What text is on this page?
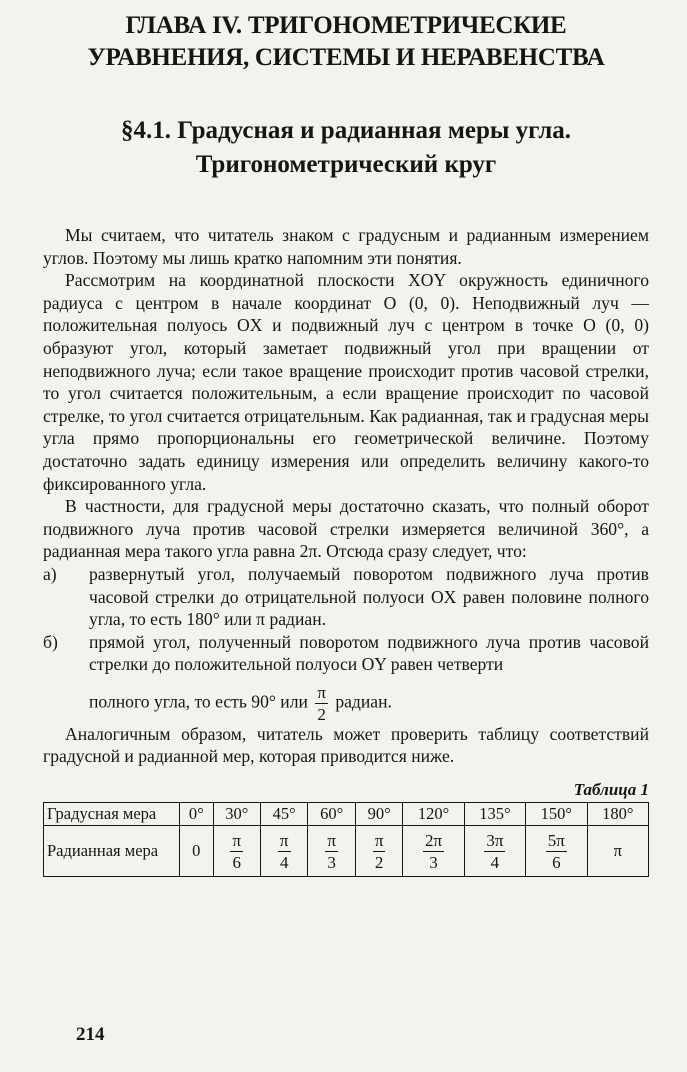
ГЛАВА IV. ТРИГОНОМЕТРИЧЕСКИЕ
УРАВНЕНИЯ, СИСТЕМЫ И НЕРАВЕНСТВА
§4.1. Градусная и радианная меры угла.
Тригонометрический круг

Мы считаем, что читатель знаком с градусным и радианным измерением углов. Поэтому мы лишь кратко напомним эти понятия.

Рассмотрим на координатной плоскости XOY окружность единичного радиуса с центром в начале координат O (0, 0). Неподвижный луч — положительная полуось OX и подвижный луч с центром в точке O (0, 0) образуют угол, который заметает подвижный угол при вращении от неподвижного луча; если такое вращение происходит против часовой стрелки, то угол считается положительным, а если вращение происходит по часовой стрелке, то угол считается отрицательным. Как радианная, так и градусная меры угла прямо пропорциональны его геометрической величине. Поэтому достаточно задать единицу измерения или определить величину какого-то фиксированного угла.

В частности, для градусной меры достаточно сказать, что полный оборот подвижного луча против часовой стрелки измеряется величиной 360°, а радианная мера такого угла равна 2π. Отсюда сразу следует, что:

а)	развернутый угол, получаемый поворотом подвижного луча против часовой стрелки до отрицательной полуоси OX равен половине полного угла, то есть 180° или π радиан.
б)	прямой угол, полученный поворотом подвижного луча против часовой стрелки до положительной полуоси OY равен четверти
полного угла, то есть 90° или $\frac{\pi}{2}$ радиан.

Аналогичным образом, читатель может проверить таблицу соответствий градусной и радианной мер, которая приводится ниже.

Таблица 1
Градусная мера	0°	30°	45°	60°	90°	120°	135°	150°	180°
Радианная мера	0	$\frac{\pi}{6}$	$\frac{\pi}{4}$	$\frac{\pi}{3}$	$\frac{\pi}{2}$	$\frac{2\pi}{3}$	$\frac{3\pi}{4}$	$\frac{5\pi}{6}$	π
214
